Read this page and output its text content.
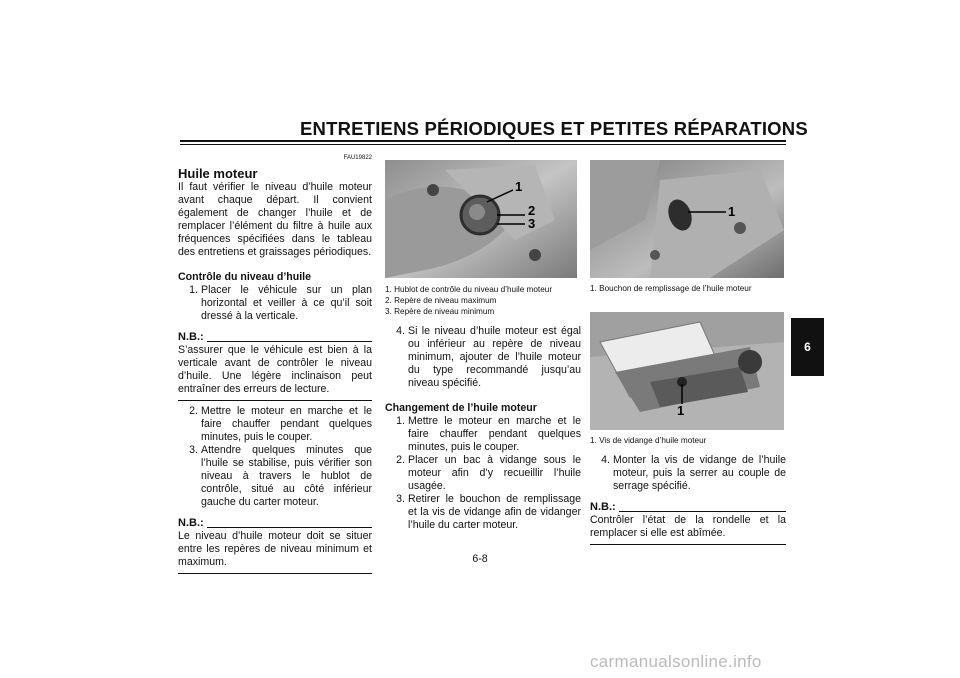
ENTRETIENS PÉRIODIQUES ET PETITES RÉPARATIONS
6
FAU19822
Huile moteur

Il faut vérifier le niveau d’huile moteur avant chaque départ. Il convient également de changer l’huile et de remplacer l’élément du filtre à huile aux fréquences spécifiées dans le tableau des entretiens et graissages périodiques.

Contrôle du niveau d’huile
1. Placer le véhicule sur un plan horizontal et veiller à ce qu’il soit dressé à la verticale.
N.B.:

S’assurer que le véhicule est bien à la verticale avant de contrôler le niveau d’huile. Une légère inclinaison peut entraîner des erreurs de lecture.

2. Mettre le moteur en marche et le faire chauffer pendant quelques minutes, puis le couper.
3. Attendre quelques minutes que l’huile se stabilise, puis vérifier son niveau à travers le hublot de contrôle, situé au côté inférieur gauche du carter moteur.
N.B.:

Le niveau d’huile moteur doit se situer entre les repères de niveau minimum et maximum.

1
2
3

1. Hublot de contrôle du niveau d’huile moteur

2. Repère de niveau maximum

3. Repère de niveau minimum

4. Si le niveau d’huile moteur est égal ou inférieur au repère de niveau minimum, ajouter de l’huile moteur du type recommandé jusqu’au niveau spécifié.
Changement de l’huile moteur
1. Mettre le moteur en marche et le faire chauffer pendant quelques minutes, puis le couper.
2. Placer un bac à vidange sous le moteur afin d’y recueillir l’huile usagée.
3. Retirer le bouchon de remplissage et la vis de vidange afin de vidanger l’huile du carter moteur.
1

1. Bouchon de remplissage de l’huile moteur

1

1. Vis de vidange d’huile moteur

4. Monter la vis de vidange de l’huile moteur, puis la serrer au couple de serrage spécifié.
N.B.:

Contrôler l’état de la rondelle et la remplacer si elle est abîmée.

6-8
carmanualsonline.info
